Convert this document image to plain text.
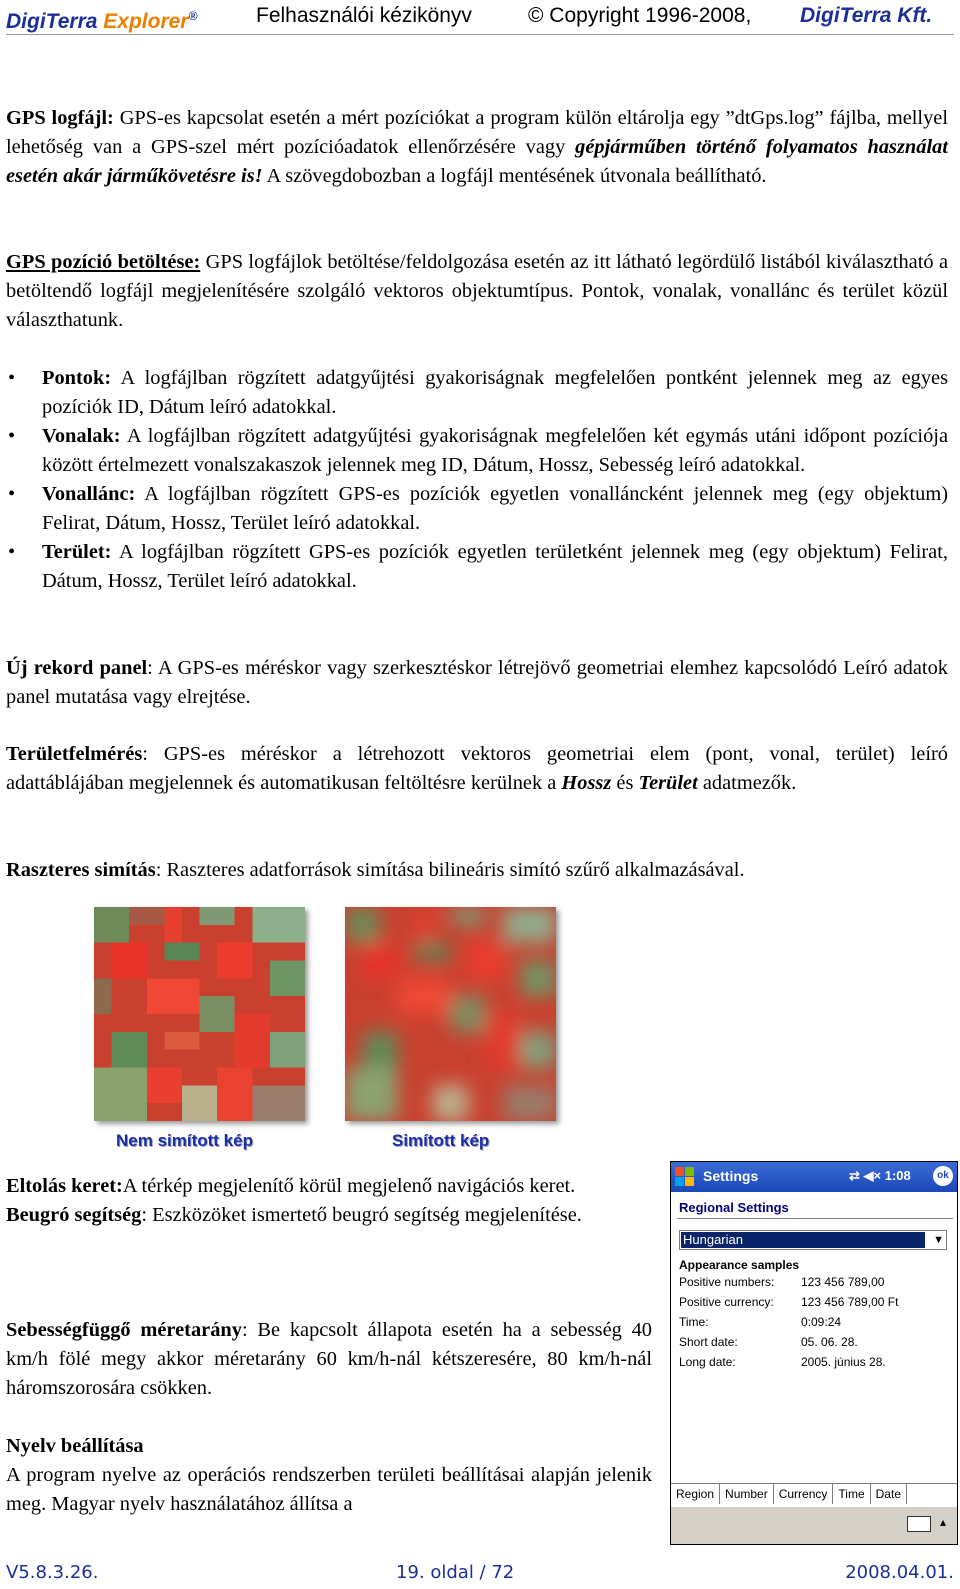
DigiTerra Explorer®	Felhasználói kézikönyv	© Copyright 1996-2008, DigiTerra Kft.

GPS logfájl: GPS-es kapcsolat esetén a mért pozíciókat a program külön eltárolja egy ”dtGps.log” fájlba, mellyel lehetőség van a GPS-szel mért pozícióadatok ellenőrzésére vagy gépjárműben történő folyamatos használat esetén akár járműkövetésre is! A szövegdobozban a logfájl mentésének útvonala beállítható.

GPS pozíció betöltése: GPS logfájlok betöltése/feldolgozása esetén az itt látható legördülő listából kiválasztható a betöltendő logfájl megjelenítésére szolgáló vektoros objektumtípus. Pontok, vonalak, vonallánc és terület közül választhatunk.

• Pontok: A logfájlban rögzített adatgyűjtési gyakoriságnak megfelelően pontként jelennek meg az egyes pozíciók ID, Dátum leíró adatokkal.
• Vonalak: A logfájlban rögzített adatgyűjtési gyakoriságnak megfelelően két egymás utáni időpont pozíciója között értelmezett vonalszakaszok jelennek meg ID, Dátum, Hossz, Sebesség leíró adatokkal.
• Vonallánc: A logfájlban rögzített GPS-es pozíciók egyetlen vonalláncként jelennek meg (egy objektum) Felirat, Dátum, Hossz, Terület leíró adatokkal.
• Terület: A logfájlban rögzített GPS-es pozíciók egyetlen területként jelennek meg (egy objektum) Felirat, Dátum, Hossz, Terület leíró adatokkal.

Új rekord panel: A GPS-es méréskor vagy szerkesztéskor létrejövő geometriai elemhez kapcsolódó Leíró adatok panel mutatása vagy elrejtése.

Területfelmérés: GPS-es méréskor a létrehozott vektoros geometriai elem (pont, vonal, terület) leíró adattáblájában megjelennek és automatikusan feltöltésre kerülnek a Hossz és Terület adatmezők.

Raszteres simítás: Raszteres adatforrások simítása bilineáris simító szűrő alkalmazásával.

Nem simított kép	Simított kép

Eltolás keret:A térkép megjelenítő körül megjelenő navigációs keret.

Beugró segítség: Eszközöket ismertető beugró segítség megjelenítése.

Sebességfüggő méretarány: Be kapcsolt állapota esetén ha a sebesség 40 km/h fölé megy akkor méretarány 60 km/h-nál kétszeresére, 80 km/h-nál háromszorosára csökken.

Nyelv beállítása

A program nyelve az operációs rendszerben területi beállításai alapján jelenik meg. Magyar nyelv használatához állítsa a

Settings	⇄ ◀× 1:08	ok
Regional Settings
Hungarian	▼
Appearance samples
Positive numbers: 123 456 789,00
Positive currency: 123 456 789,00 Ft
Time:	0:09:24
Short date:	05. 06. 28.
Long date:	2005. június 28.
Region Number Currency Time Date
▴
V5.8.3.26.	19. oldal / 72	2008.04.01.
